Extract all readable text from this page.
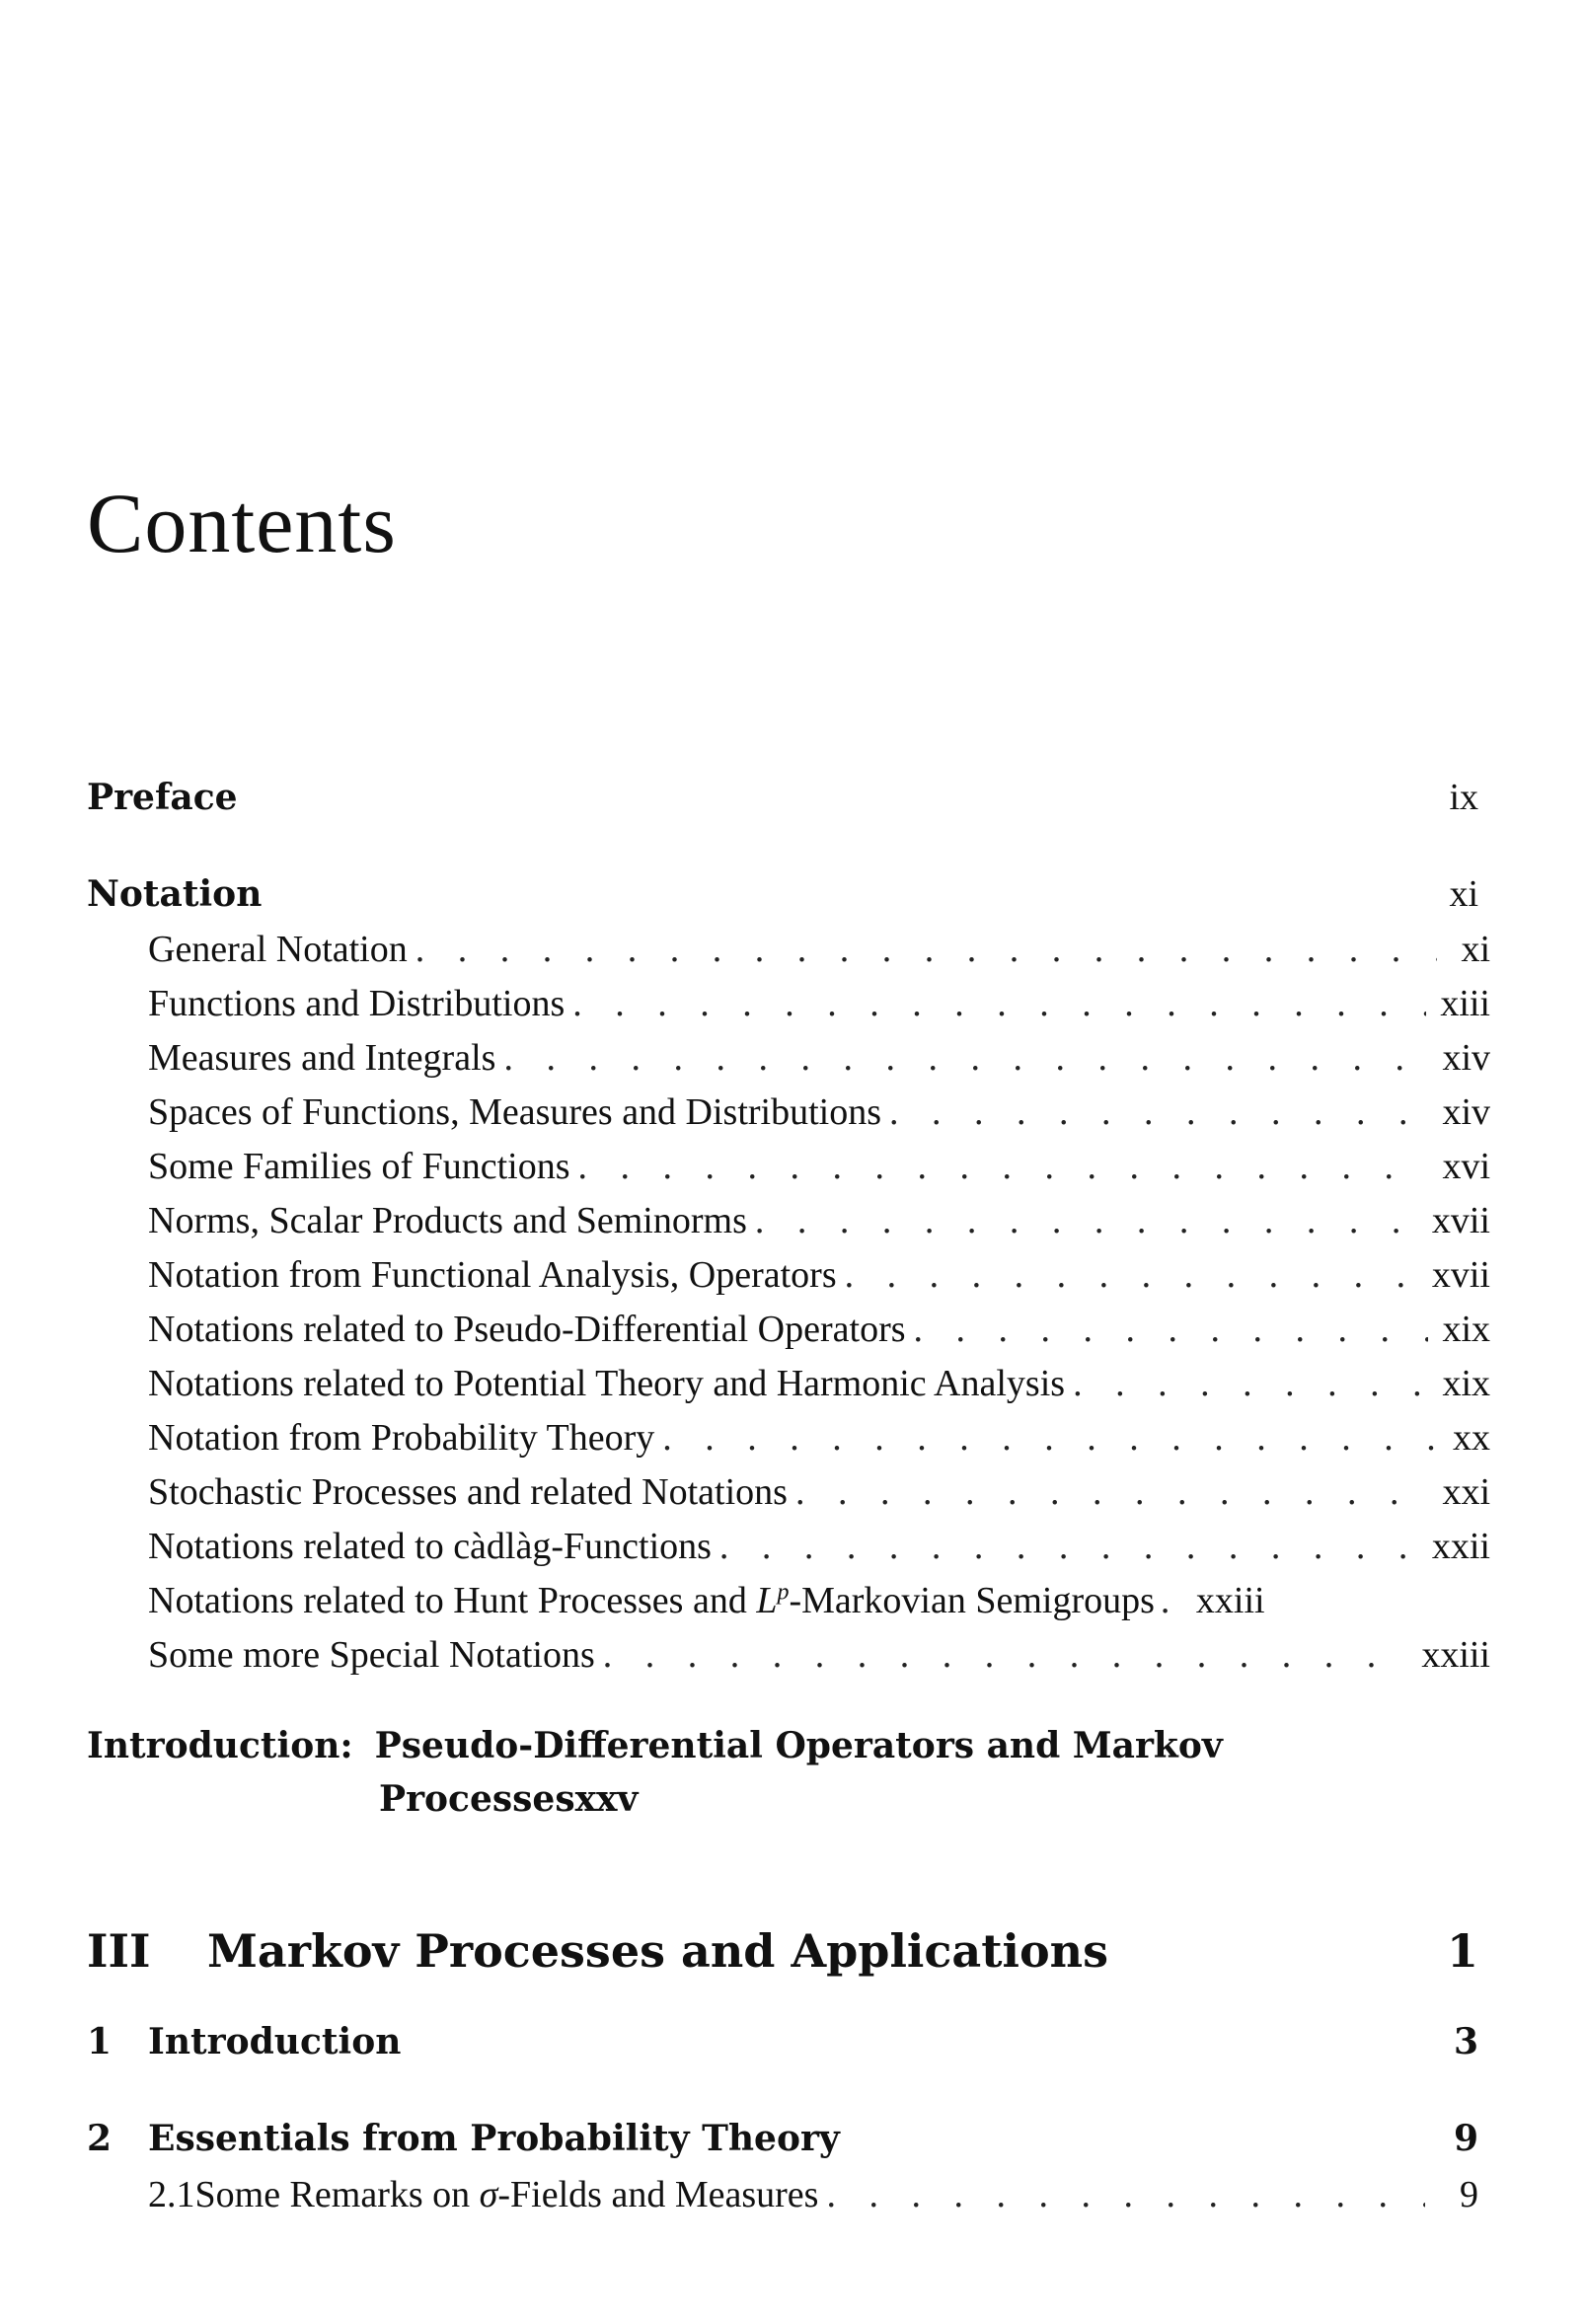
Contents
Preface	ix
Notation	xi
General Notation . . .	xi
Functions and Distributions . . .	xiii
Measures and Integrals . . .	xiv
Spaces of Functions, Measures and Distributions . . .	xiv
Some Families of Functions . . .	xvi
Norms, Scalar Products and Seminorms . . .	xvii
Notation from Functional Analysis, Operators . . .	xvii
Notations related to Pseudo-Differential Operators . . .	xix
Notations related to Potential Theory and Harmonic Analysis . . .	xix
Notation from Probability Theory . . .	xx
Stochastic Processes and related Notations . . .	xxi
Notations related to càdlàg-Functions . . .	xxii
Notations related to Hunt Processes and $L^p$-Markovian Semigroups . . . xxiii
Some more Special Notations . . .	xxiii
Introduction: Pseudo-Differential Operators and Markov
Processes xxv
III	Markov Processes and Applications	1
1	Introduction	3
2	Essentials from Probability Theory	9
2.1 Some Remarks on σ-Fields and Measures . . .	9
